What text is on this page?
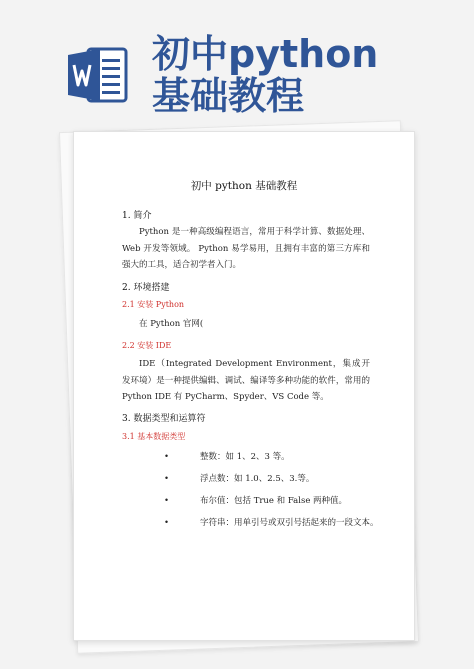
初中python
基础教程
初中 python 基础教程
1. 简介
Python 是一种高级编程语言，常用于科学计算、数据处理、 Web 开发等领域。 Python 易学易用，且拥有丰富的第三方库和强大的工具，适合初学者入门。
2. 环境搭建
2.1 安装 Python
在 Python 官网(
2.2 安装 IDE
IDE（Integrated Development Environment，集成开发环境）是一种提供编辑、调试、编译等多种功能的软件，常用的 Python IDE 有 PyCharm、Spyder、VS Code 等。
3. 数据类型和运算符
3.1 基本数据类型
•	整数：如 1、2、3 等。
•	浮点数：如 1.0、2.5、3.等。
•	布尔值：包括 True 和 False 两种值。
•	字符串：用单引号或双引号括起来的一段文本。
